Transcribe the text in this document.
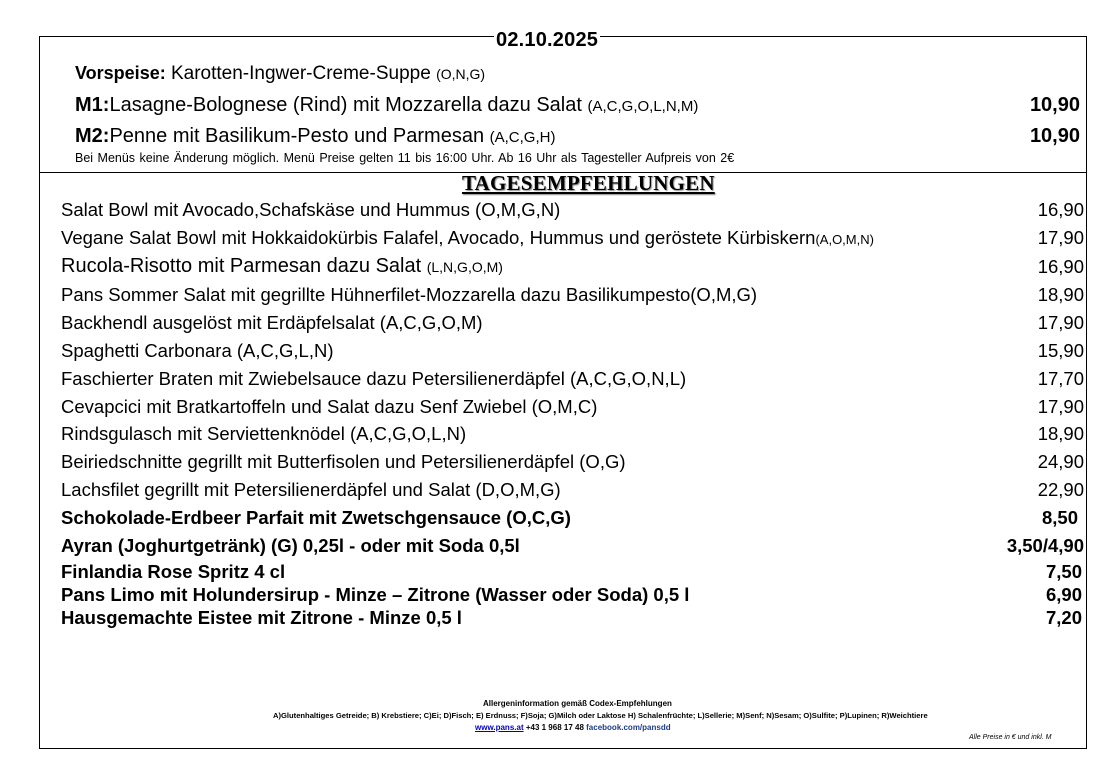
02.10.2025
Vorspeise: Karotten-Ingwer-Creme-Suppe (O,N,G)
M1:Lasagne-Bolognese (Rind) mit Mozzarella dazu Salat (A,C,G,O,L,N,M)	10,90
M2:Penne mit Basilikum-Pesto und Parmesan (A,C,G,H)	10,90
Bei Menüs keine Änderung möglich. Menü Preise gelten 11 bis 16:00 Uhr. Ab 16 Uhr als Tagesteller Aufpreis von 2€
TAGESEMPFEHLUNGEN
Salat Bowl mit Avocado,Schafskäse und Hummus (O,M,G,N)	16,90
Vegane Salat Bowl mit Hokkaidokürbis Falafel, Avocado, Hummus und geröstete Kürbiskern(A,O,M,N)	17,90
Rucola-Risotto mit Parmesan dazu Salat (L,N,G,O,M)	16,90
Pans Sommer Salat mit gegrillte Hühnerfilet-Mozzarella dazu Basilikumpesto(O,M,G)	18,90
Backhendl ausgelöst mit Erdäpfelsalat (A,C,G,O,M)	17,90
Spaghetti Carbonara (A,C,G,L,N)	15,90
Faschierter Braten mit Zwiebelsauce dazu Petersilienerdäpfel (A,C,G,O,N,L)	17,70
Cevapcici mit Bratkartoffeln und Salat dazu Senf Zwiebel (O,M,C)	17,90
Rindsgulasch mit Serviettenknödel (A,C,G,O,L,N)	18,90
Beiriedschnitte gegrillt mit Butterfisolen und Petersilienerdäpfel (O,G)	24,90
Lachsfilet gegrillt mit Petersilienerdäpfel und Salat (D,O,M,G)	22,90
Schokolade-Erdbeer Parfait mit Zwetschgensauce (O,C,G)	8,50
Ayran (Joghurtgetränk) (G) 0,25l - oder mit Soda 0,5l	3,50/4,90
Finlandia Rose Spritz 4 cl	7,50
Pans Limo mit Holundersirup - Minze – Zitrone (Wasser oder Soda) 0,5 l	6,90
Hausgemachte Eistee mit Zitrone - Minze 0,5 l	7,20
Allergeninformation gemäß Codex-Empfehlungen
A)Glutenhaltiges Getreide; B) Krebstiere; C)Ei; D)Fisch; E) Erdnuss; F)Soja; G)Milch oder Laktose H) Schalenfrüchte; L)Sellerie; M)Senf; N)Sesam; O)Sulfite; P)Lupinen; R)Weichtiere
www.pans.at +43 1 968 17 48 facebook.com/pansdd
Alle Preise in € und inkl. M
